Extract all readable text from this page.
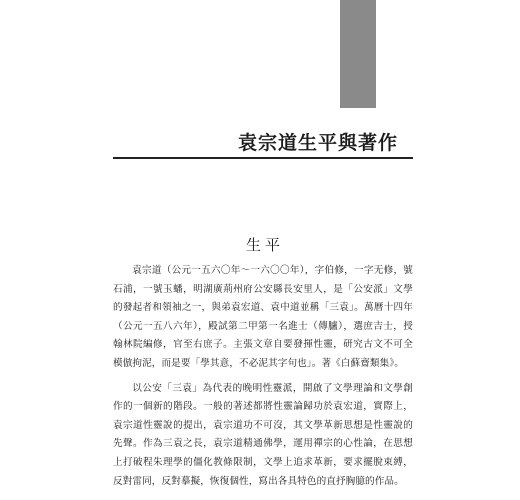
袁宗道生平與著作
生平

袁宗道（公元一五六〇年～一六〇〇年），字伯修，一字无修，號石浦，一號玉蟠，明湖廣荊州府公安縣長安里人，是「公安派」文學的發起者和領袖之一，與弟袁宏道、袁中道並稱「三袁」。萬曆十四年（公元一五八六年），殿試第二甲第一名進士（傳臚），選庶吉士，授翰林院編修，官至右庶子。主張文章自要發揮性靈，研究古文不可全模倣拘泥，而是要「學其意，不必泥其字句也」。著《白蘇齋類集》。

以公安「三袁」為代表的晚明性靈派，開啟了文學理論和文學創作的一個新的階段。一般的著述都將性靈論歸功於袁宏道，實際上，袁宗道性靈說的提出，袁宗道功不可沒，其文學革新思想是性靈說的先聲。作為三袁之長，袁宗道精通佛學，運用禪宗的心性論，在思想上打破程朱理學的僵化教條限制，文學上追求革新，要求擺脫束縛，反對雷同，反對摹擬，恢復個性，寫出各具特色的直抒胸臆的作品。
